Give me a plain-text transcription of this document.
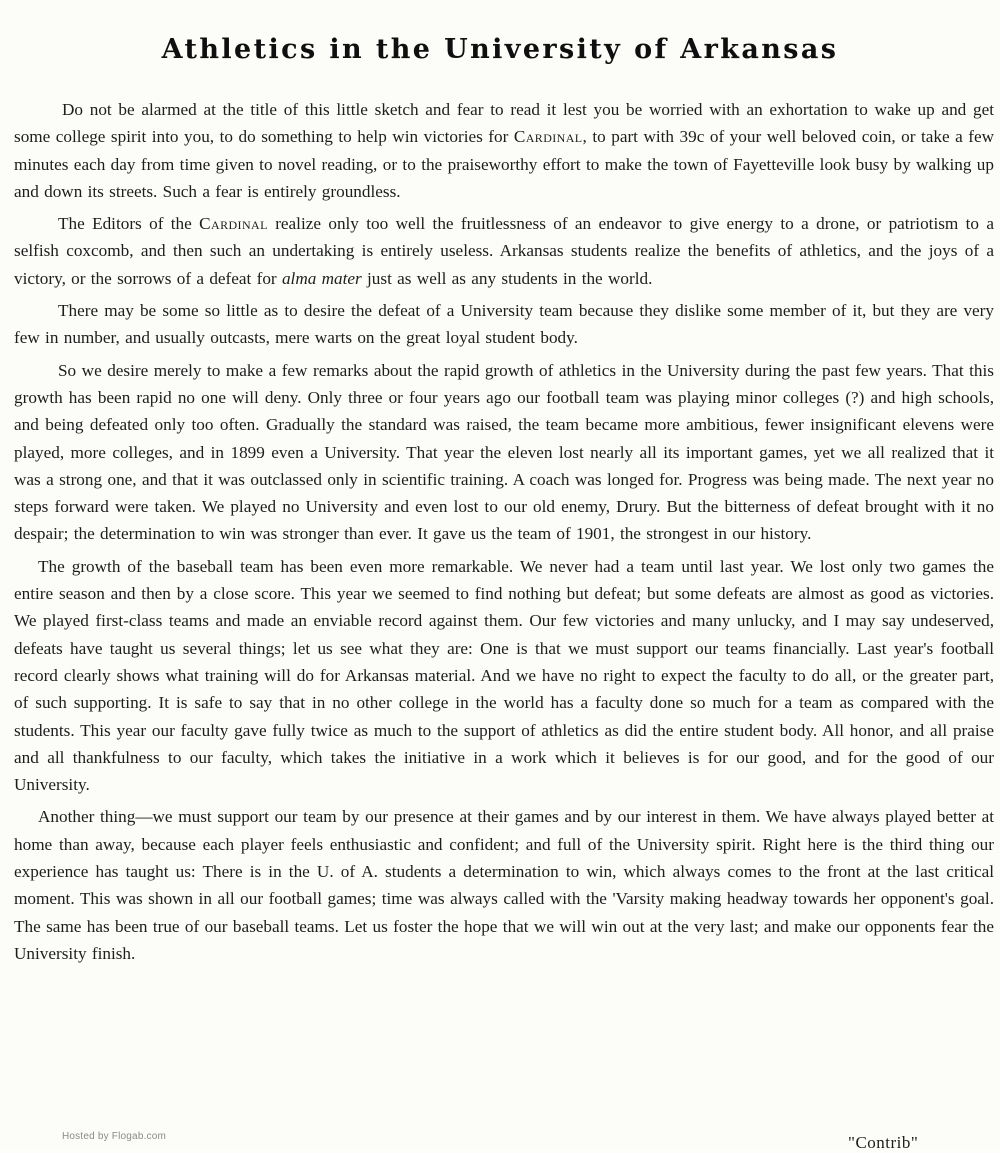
Athletics in the University of Arkansas

Do not be alarmed at the title of this little sketch and fear to read it lest you be worried with an exhortation to wake up and get some college spirit into you, to do something to help win victories for Cardinal, to part with 39c of your well beloved coin, or take a few minutes each day from time given to novel reading, or to the praiseworthy effort to make the town of Fayetteville look busy by walking up and down its streets. Such a fear is entirely groundless.

The Editors of the Cardinal realize only too well the fruitlessness of an endeavor to give energy to a drone, or patriotism to a selfish coxcomb, and then such an undertaking is entirely useless. Arkansas students realize the benefits of athletics, and the joys of a victory, or the sorrows of a defeat for alma mater just as well as any students in the world.

There may be some so little as to desire the defeat of a University team because they dislike some member of it, but they are very few in number, and usually outcasts, mere warts on the great loyal student body.

So we desire merely to make a few remarks about the rapid growth of athletics in the University during the past few years. That this growth has been rapid no one will deny. Only three or four years ago our football team was playing minor colleges (?) and high schools, and being defeated only too often. Gradually the standard was raised, the team became more ambitious, fewer insignificant elevens were played, more colleges, and in 1899 even a University. That year the eleven lost nearly all its important games, yet we all realized that it was a strong one, and that it was outclassed only in scientific training. A coach was longed for. Progress was being made. The next year no steps forward were taken. We played no University and even lost to our old enemy, Drury. But the bitterness of defeat brought with it no despair; the determination to win was stronger than ever. It gave us the team of 1901, the strongest in our history.

The growth of the baseball team has been even more remarkable. We never had a team until last year. We lost only two games the entire season and then by a close score. This year we seemed to find nothing but defeat; but some defeats are almost as good as victories. We played first-class teams and made an enviable record against them. Our few victories and many unlucky, and I may say undeserved, defeats have taught us several things; let us see what they are: One is that we must support our teams financially. Last year's football record clearly shows what training will do for Arkansas material. And we have no right to expect the faculty to do all, or the greater part, of such supporting. It is safe to say that in no other college in the world has a faculty done so much for a team as compared with the students. This year our faculty gave fully twice as much to the support of athletics as did the entire student body. All honor, and all praise and all thankfulness to our faculty, which takes the initiative in a work which it believes is for our good, and for the good of our University.

Another thing—we must support our team by our presence at their games and by our interest in them. We have always played better at home than away, because each player feels enthusiastic and confident; and full of the University spirit. Right here is the third thing our experience has taught us: There is in the U. of A. students a determination to win, which always comes to the front at the last critical moment. This was shown in all our football games; time was always called with the 'Varsity making headway towards her opponent's goal. The same has been true of our baseball teams. Let us foster the hope that we will win out at the very last; and make our opponents fear the University finish.

Hosted by Flogab.com	"Contrib"
